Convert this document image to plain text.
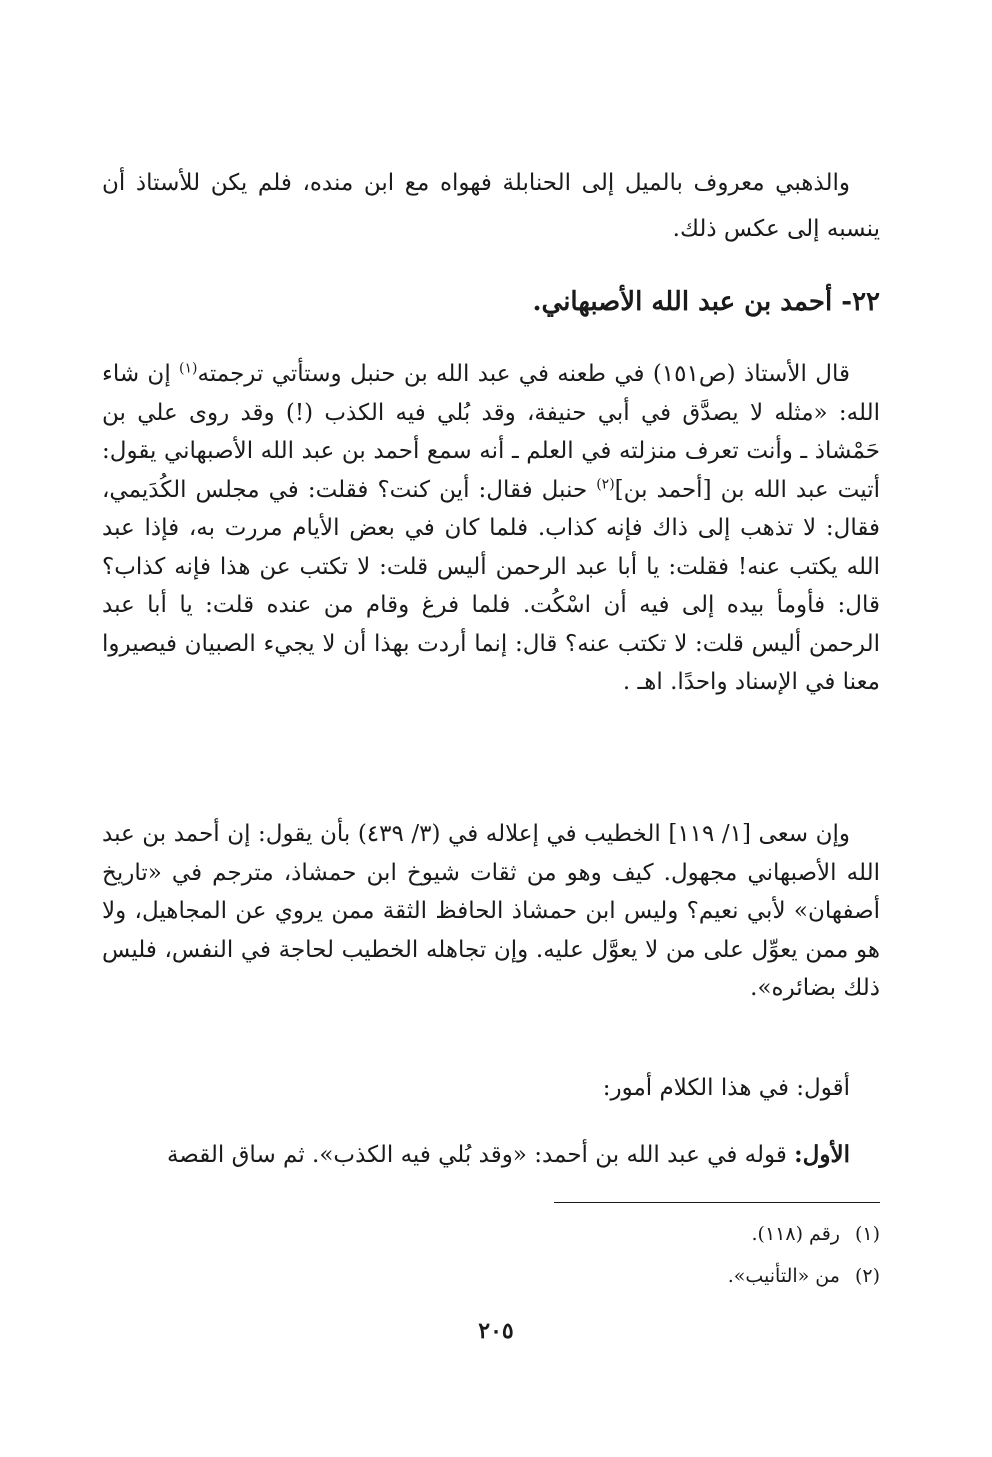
والذهبي معروف بالميل إلى الحنابلة فهواه مع ابن منده، فلم يكن للأستاذ أن ينسبه إلى عكس ذلك.

٢٢- أحمد بن عبد الله الأصبهاني.

قال الأستاذ (ص١٥١) في طعنه في عبد الله بن حنبل وستأتي ترجمته$^{(١)}$ إن شاء الله: «مثله لا يصدَّق في أبي حنيفة، وقد بُلي فيه الكذب (!) وقد روى علي بن حَمْشاذ ـ وأنت تعرف منزلته في العلم ـ أنه سمع أحمد بن عبد الله الأصبهاني يقول: أتيت عبد الله بن [أحمد بن]$^{(٢)}$ حنبل فقال: أين كنت؟ فقلت: في مجلس الكُدَيمي، فقال: لا تذهب إلى ذاك فإنه كذاب. فلما كان في بعض الأيام مررت به، فإذا عبد الله يكتب عنه! فقلت: يا أبا عبد الرحمن أليس قلت: لا تكتب عن هذا فإنه كذاب؟ قال: فأومأ بيده إلى فيه أن اسْكُت. فلما فرغ وقام من عنده قلت: يا أبا عبد الرحمن أليس قلت: لا تكتب عنه؟ قال: إنما أردت بهذا أن لا يجيء الصبيان فيصيروا معنا في الإسناد واحدًا. اهـ .

وإن سعى [١/ ١١٩] الخطيب في إعلاله في (٣/ ٤٣٩) بأن يقول: إن أحمد بن عبد الله الأصبهاني مجهول. كيف وهو من ثقات شيوخ ابن حمشاذ، مترجم في «تاريخ أصفهان» لأبي نعيم؟ وليس ابن حمشاذ الحافظ الثقة ممن يروي عن المجاهيل، ولا هو ممن يعوِّل على من لا يعوَّل عليه. وإن تجاهله الخطيب لحاجة في النفس، فليس ذلك بضائره».

أقول: في هذا الكلام أمور:

الأول: قوله في عبد الله بن أحمد: «وقد بُلي فيه الكذب». ثم ساق القصة

(١) رقم (١١٨).
(٢) من «التأنيب».
٢٠٥
